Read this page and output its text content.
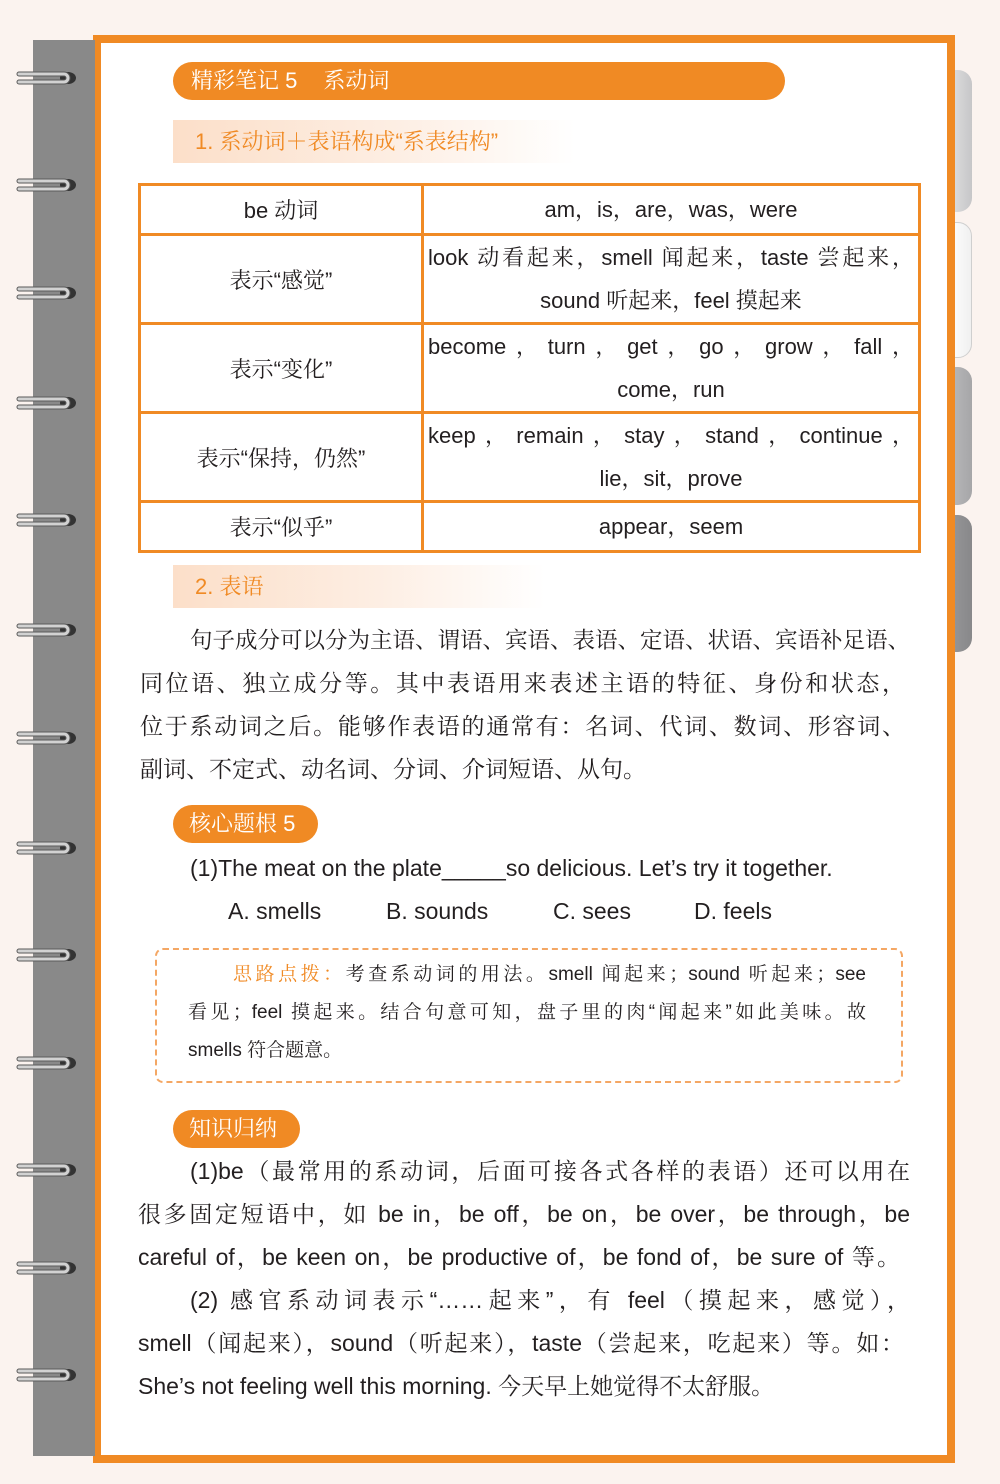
精彩笔记 5 系动词
1. 系动词＋表语构成“系表结构”
be 动词	am，is，are，was，were

表示“感觉”	look 动看起来，smell 闻起来，taste 尝起来，
sound 听起来，feel 摸起来

表示“变化”	become，turn，get，go，grow，fall，
come，run

表示“保持，仍然”	keep，remain，stay，stand，continue，
lie，sit，prove

表示“似乎”	appear，seem
2. 表语
句子成分可以分为主语、谓语、宾语、表语、定语、状语、宾语补足语、
同位语、独立成分等。其中表语用来表述主语的特征、身份和状态，
位于系动词之后。能够作表语的通常有：名词、代词、数词、形容词、
副词、不定式、动名词、分词、介词短语、从句。
核心题根 5
(1)The meat on the plate_____so delicious. Let’s try it together.
A. smells	B. sounds	C. sees	D. feels
思路点拨：考查系动词的用法。smell 闻起来；sound 听起来；see
看见；feel 摸起来。结合句意可知，盘子里的肉“闻起来”如此美味。故
smells 符合题意。
知识归纳
(1)be（最常用的系动词，后面可接各式各样的表语）还可以用在
很多固定短语中，如 be in，be off，be on，be over，be through，be
careful of，be keen on，be productive of，be fond of，be sure of 等。
(2) 感官系动词表示“……起来”，有 feel（摸起来，感觉），
smell（闻起来），sound（听起来），taste（尝起来，吃起来）等。如：
She’s not feeling well this morning. 今天早上她觉得不太舒服。
